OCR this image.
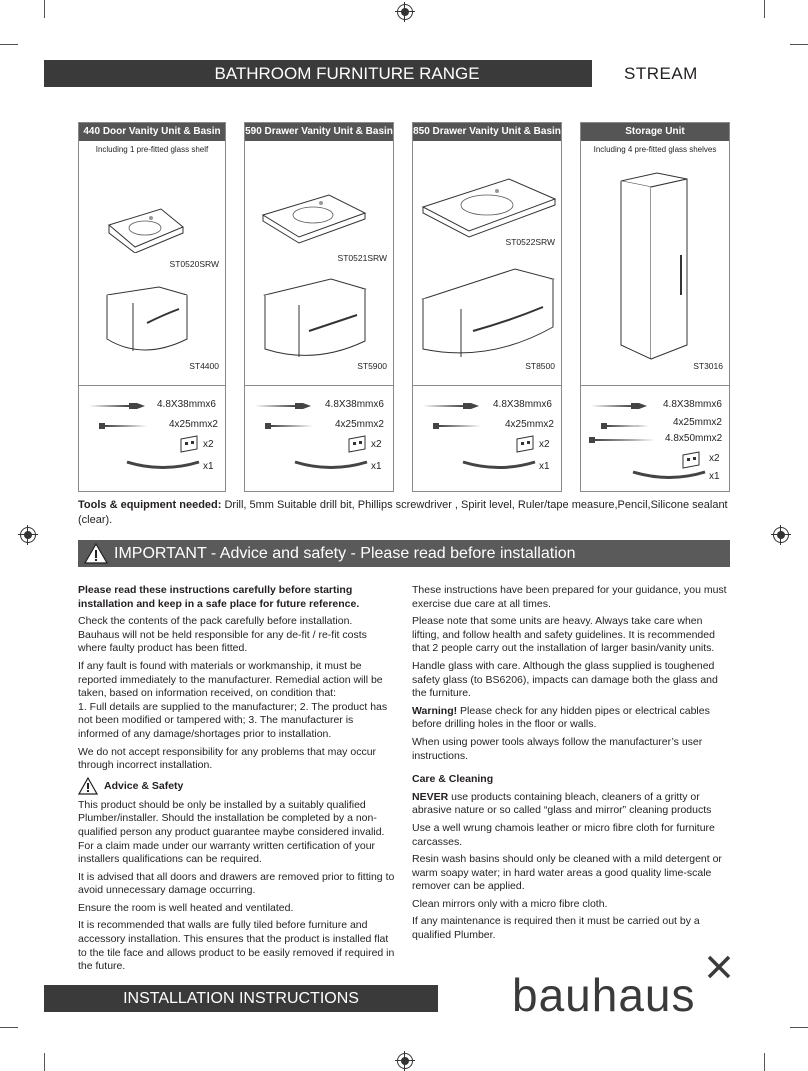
BATHROOM FURNITURE RANGE	STREAM
440 Door Vanity Unit & Basin
Including 1 pre-fitted glass shelf
ST0520SRW
ST4400
4.8X38mmx6
4x25mmx2
x2
x1
590 Drawer Vanity Unit & Basin
ST0521SRW
ST5900
4.8X38mmx6
4x25mmx2
x2
x1
850 Drawer Vanity Unit & Basin
ST0522SRW
ST8500
4.8X38mmx6
4x25mmx2
x2
x1
Storage Unit
Including 4 pre-fitted glass shelves
ST3016
4.8X38mmx6
4x25mmx2
4.8x50mmx2
x2
x1
Tools & equipment needed: Drill, 5mm Suitable drill bit, Phillips screwdriver , Spirit level, Ruler/tape measure,Pencil,Silicone sealant (clear).
IMPORTANT - Advice and safety - Please read before installation

Please read these instructions carefully before starting installation and keep in a safe place for future reference.

Check the contents of the pack carefully before installation. Bauhaus will not be held responsible for any de-fit / re-fit costs where faulty product has been fitted.

If any fault is found with materials or workmanship, it must be reported immediately to the manufacturer. Remedial action will be taken, based on information received, on condition that:

1. Full details are supplied to the manufacturer; 2. The product has not been modified or tampered with; 3. The manufacturer is informed of any damage/shortages prior to installation.

We do not accept responsibility for any problems that may occur through incorrect installation.

Advice & Safety

This product should be only be installed by a suitably qualified Plumber/installer. Should the installation be completed by a non-qualified person any product guarantee maybe considered invalid. For a claim made under our warranty written certification of your installers qualifications can be required.

It is advised that all doors and drawers are removed prior to fitting to avoid unnecessary damage occurring.

Ensure the room is well heated and ventilated.

It is recommended that walls are fully tiled before furniture and accessory installation. This ensures that the product is installed flat to the tile face and allows product to be easily removed if required in the future.

These instructions have been prepared for your guidance, you must exercise due care at all times.

Please note that some units are heavy. Always take care when lifting, and follow health and safety guidelines. It is recommended that 2 people carry out the installation of larger basin/vanity units.

Handle glass with care. Although the glass supplied is toughened safety glass (to BS6206), impacts can damage both the glass and the furniture.

Warning! Please check for any hidden pipes or electrical cables before drilling holes in the floor or walls.

When using power tools always follow the manufacturer’s user instructions.

Care & Cleaning

NEVER use products containing bleach, cleaners of a gritty or abrasive nature or so called “glass and mirror” cleaning products

Use a well wrung chamois leather or micro fibre cloth for furniture carcasses.

Resin wash basins should only be cleaned with a mild detergent or warm soapy water; in hard water areas a good quality lime-scale remover can be applied.

Clean mirrors only with a micro fibre cloth.

If any maintenance is required then it must be carried out by a qualified Plumber.

INSTALLATION INSTRUCTIONS	bauhaus
